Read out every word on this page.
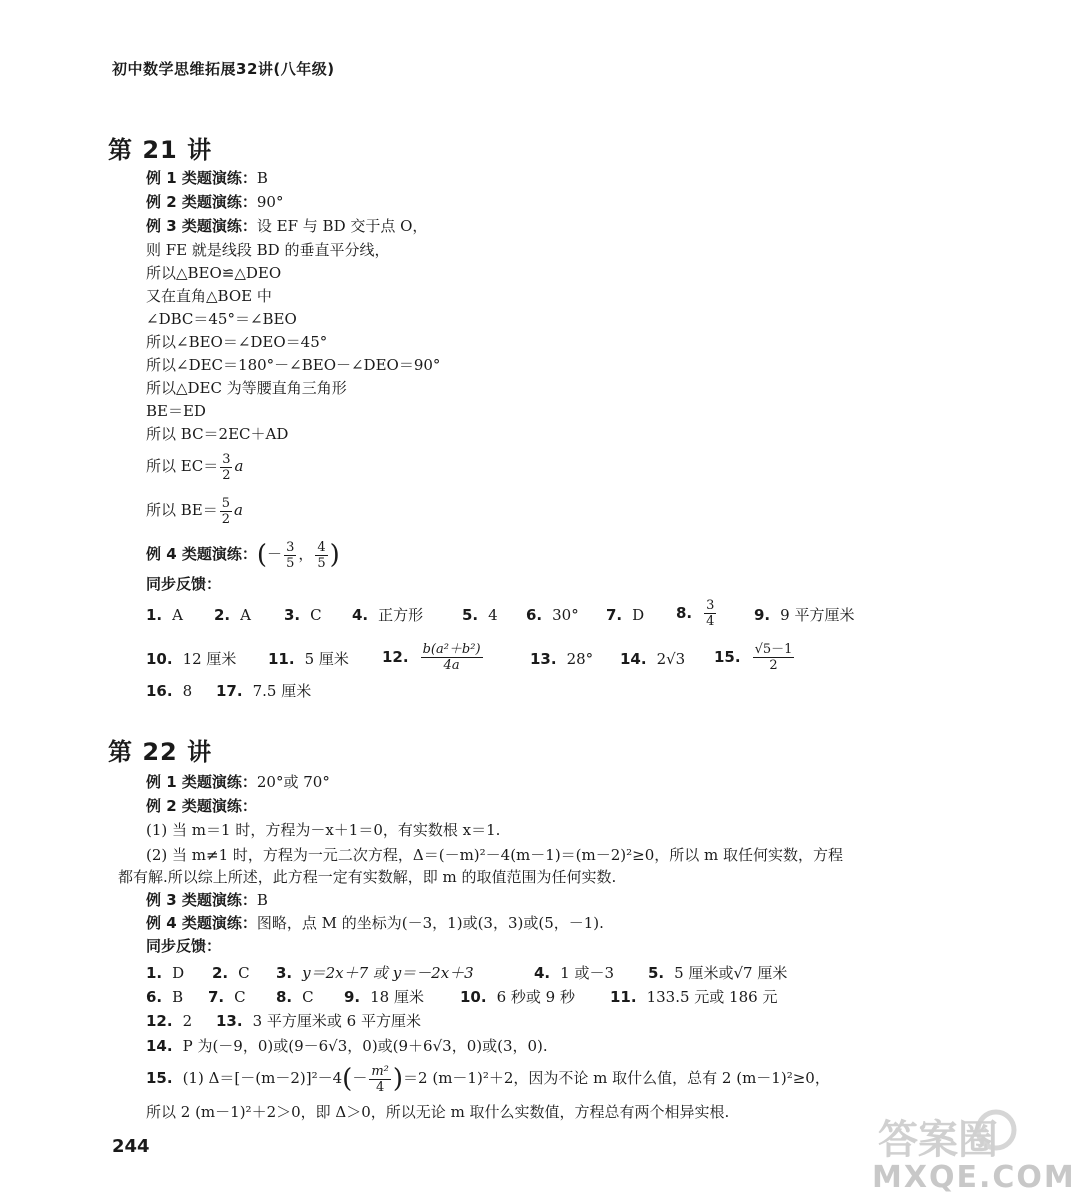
初中数学思维拓展32讲(八年级)
第 21 讲
例 1 类题演练：B
例 2 类题演练：90°
例 3 类题演练：设 EF 与 BD 交于点 O，
则 FE 就是线段 BD 的垂直平分线，
所以△BEO≌△DEO
又在直角△BOE 中
∠DBC＝45°＝∠BEO
所以∠BEO＝∠DEO＝45°
所以∠DEC＝180°－∠BEO－∠DEO＝90°
所以△DEC 为等腰直角三角形
BE＝ED
所以 BC＝2EC＋AD
所以 $EC= \frac{3}{2}$ a
所以 $BE= \frac{5}{2}$ a
例 4 类题演练：(－ $\frac{3}{5}$ ， $\frac{4}{5}$ )
同步反馈：
1. A 2. A 3. C 4. 正方形	5. 4 6. 30° 7. D 8. $\frac{3}{4}$	9. 9 平方厘米
10. 12 厘米 11. 5 厘米 12. $\frac{\text{b(a²＋b²)}}{4a}$	13. 28° 14. 2√3 15. $\frac{√5-1}{2}$
16. 8 17. 7.5 厘米
第 22 讲
例 1 类题演练：20°或 70°
例 2 类题演练：
(1) 当 m＝1 时，方程为－x＋1＝0，有实数根 x＝1.
(2) 当 m≠1 时，方程为一元二次方程，Δ＝(－m)²－4(m－1)＝(m－2)²≥0，所以 m 取任何实数，方程
都有解.所以综上所述，此方程一定有实数解，即 m 的取值范围为任何实数.
例 3 类题演练：B
例 4 类题演练：图略，点 M 的坐标为(－3，1)或(3，3)或(5，－1).
同步反馈：
1. D 2. C 3. y＝2x＋7 或 y＝－2x＋3	4. 1 或－3 5. 5 厘米或√7 厘米
6. B 7. C 8. C 9. 18 厘米 10. 6 秒或 9 秒 11. 133.5 元或 186 元
12. 2 13. 3 平方厘米或 6 平方厘米
14. P 为(－9，0)或(9－6√3，0)或(9＋6√3，0)或(3，0).
15. (1) $\Delta=[-(m-2)]^2-4(- \frac{\text{m²}}{4} )=2$ (m－1)²＋2，因为不论 m 取什么值，总有 2 (m－1)²≥0，
所以 2 (m－1)²＋2＞0，即 Δ＞0，所以无论 m 取什么实数值，方程总有两个相异实根.
244	答案圈
MXQE.COM
